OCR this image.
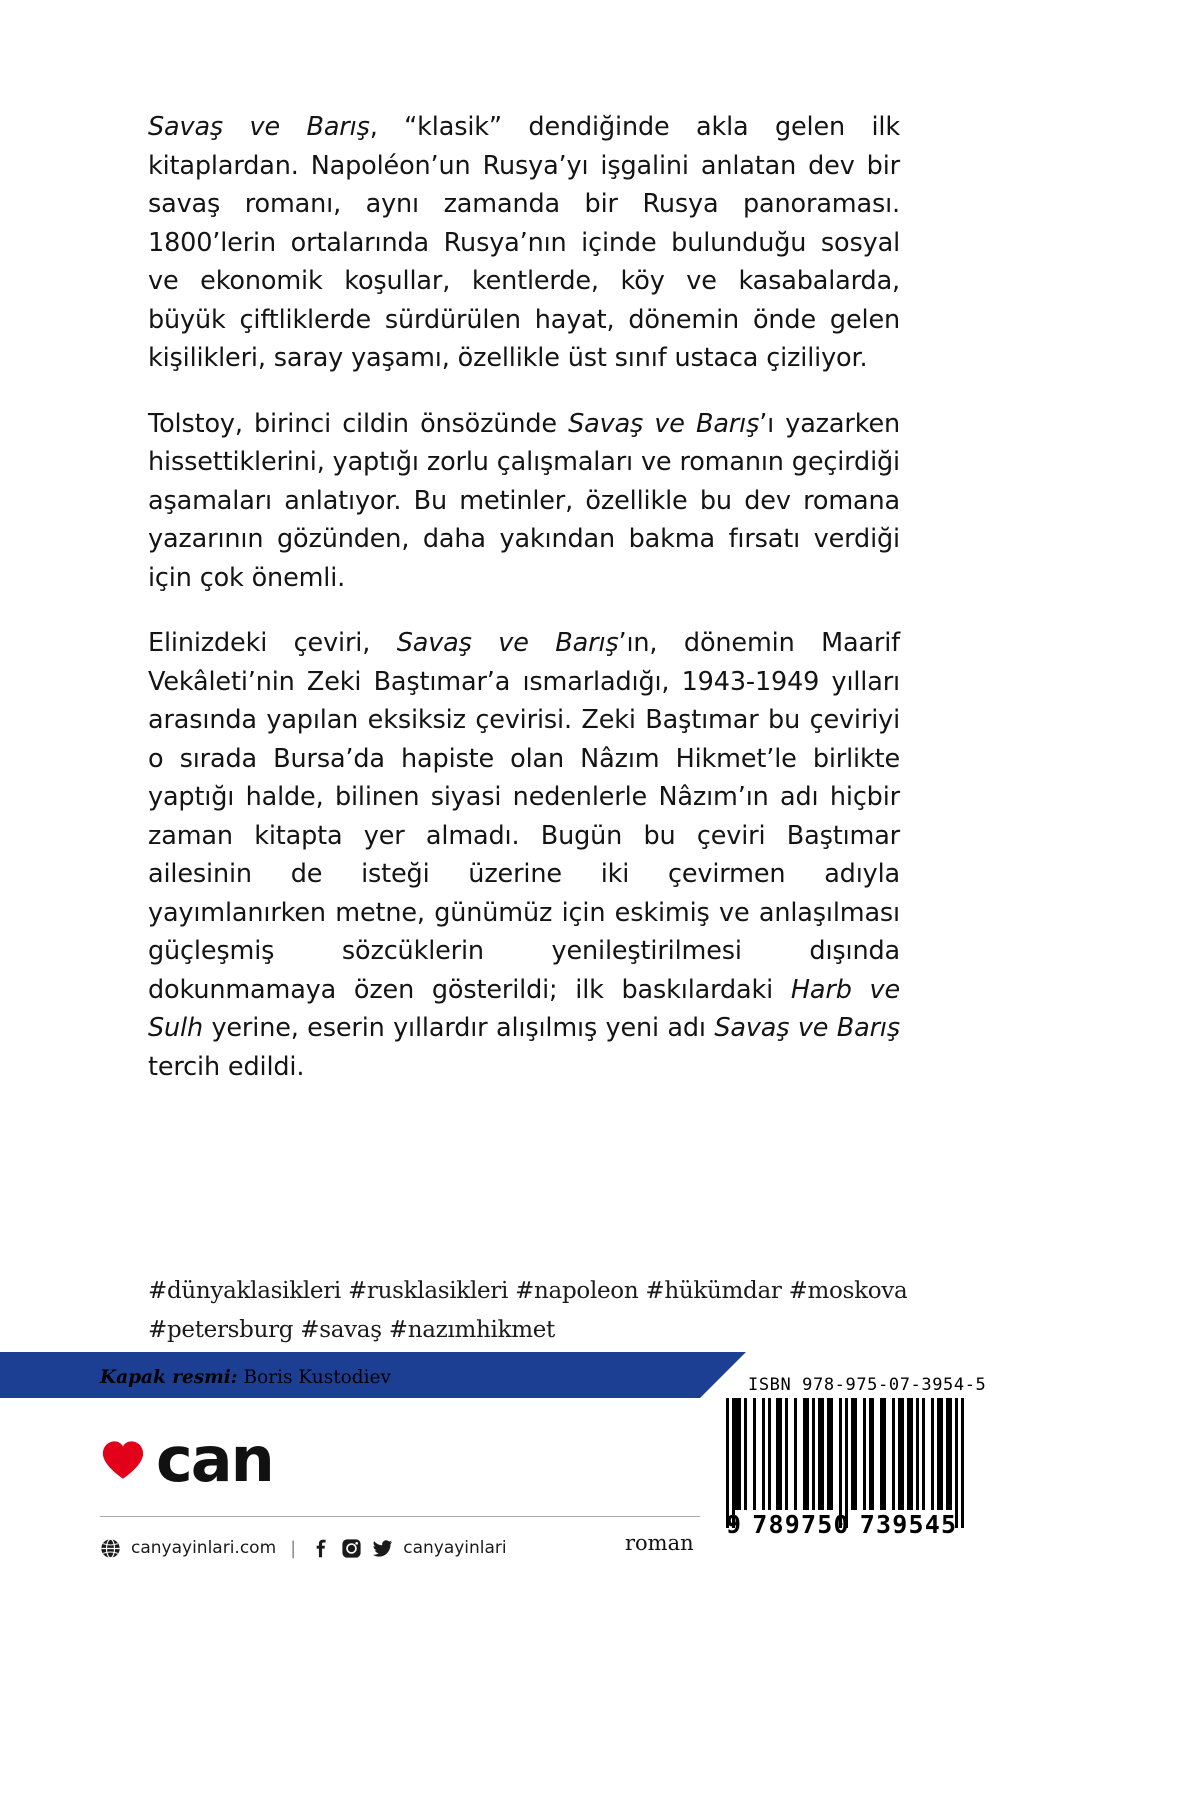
Savaş ve Barış, “klasik” dendiğinde akla gelen ilk kitaplardan. Napoléon’un Rusya’yı işgalini anlatan dev bir savaş romanı, aynı zamanda bir Rusya panoraması. 1800’lerin ortalarında Rusya’nın içinde bulunduğu sosyal ve ekonomik koşullar, kentlerde, köy ve kasabalarda, büyük çiftliklerde sürdürülen hayat, dönemin önde gelen kişilikleri, saray yaşamı, özellikle üst sınıf ustaca çiziliyor.

Tolstoy, birinci cildin önsözünde Savaş ve Barış’ı yazarken hissettiklerini, yaptığı zorlu çalışmaları ve romanın geçirdiği aşamaları anlatıyor. Bu metinler, özellikle bu dev romana yazarının gözünden, daha yakından bakma fırsatı verdiği için çok önemli.

Elinizdeki çeviri, Savaş ve Barış’ın, dönemin Maarif Vekâleti’nin Zeki Baştımar’a ısmarladığı, 1943-1949 yılları arasında yapılan eksiksiz çevirisi. Zeki Baştımar bu çeviriyi o sırada Bursa’da hapiste olan Nâzım Hikmet’le birlikte yaptığı halde, bilinen siyasi nedenlerle Nâzım’ın adı hiçbir zaman kitapta yer almadı. Bugün bu çeviri Baştımar ailesinin de isteği üzerine iki çevirmen adıyla yayımlanırken metne, günümüz için eskimiş ve anlaşılması güçleşmiş sözcüklerin yenileştirilmesi dışında dokunmamaya özen gösterildi; ilk baskılardaki Harb ve Sulh yerine, eserin yıllardır alışılmış yeni adı Savaş ve Barış tercih edildi.

#dünyaklasikleri #rusklasikleri #napoleon #hükümdar #moskova
#petersburg #savaş #nazımhikmet
Kapak resmi: Boris Kustodiev	ISBN 978-975-07-3954-5
9 789750 739545
can
canyayinlari.com |	canyayinlari	roman
